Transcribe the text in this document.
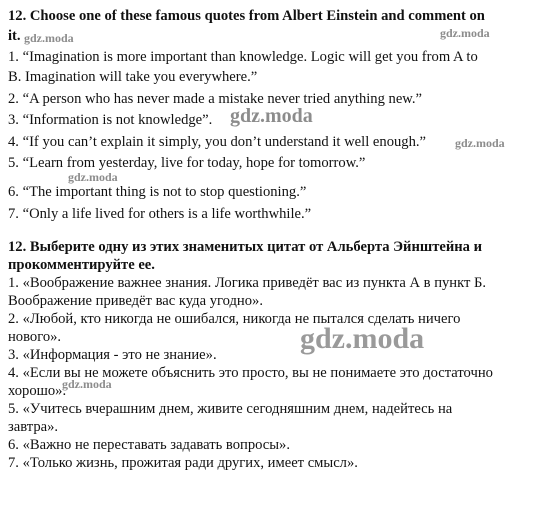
12. Choose one of these famous quotes from Albert Einstein and comment on
it.
1. “Imagination is more important than knowledge. Logic will get you from A to
B. Imagination will take you everywhere.”
2. “A person who has never made a mistake never tried anything new.”
3. “Information is not knowledge”.
4. “If you can’t explain it simply, you don’t understand it well enough.”
5. “Learn from yesterday, live for today, hope for tomorrow.”
6. “The important thing is not to stop questioning.”
7. “Only a life lived for others is a life worthwhile.”
12. Выберите одну из этих знаменитых цитат от Альберта Эйнштейна и
прокомментируйте ее.
1. «Воображение важнее знания. Логика приведёт вас из пункта А в пункт Б.
Воображение приведёт вас куда угодно».
2. «Любой, кто никогда не ошибался, никогда не пытался сделать ничего
нового».
3. «Информация - это не знание».
4. «Если вы не можете объяснить это просто, вы не понимаете это достаточно
хорошо».
5. «Учитесь вчерашним днем, живите сегодняшним днем, надейтесь на
завтра».
6. «Важно не переставать задавать вопросы».
7. «Только жизнь, прожитая ради других, имеет смысл».
gdz.moda	gdz.moda
gdz.moda
gdz.moda
gdz.moda
gdz.moda
gdz.moda
